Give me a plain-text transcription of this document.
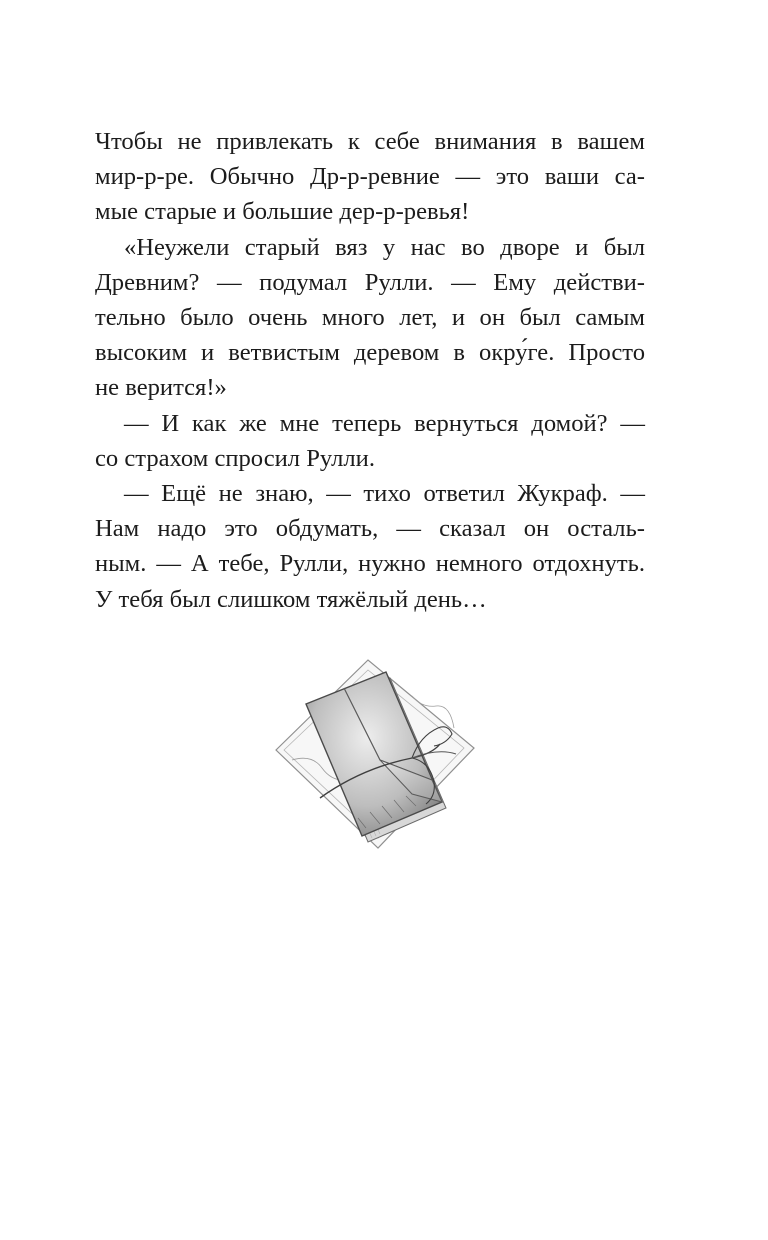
Чтобы не привлекать к себе внимания в вашем
мир-р-ре. Обычно Др-р-ревние — это ваши са-
мые старые и большие дер-р-ревья!
«Неужели старый вяз у нас во дворе и был
Древним? — подумал Рулли. — Ему действи-
тельно было очень много лет, и он был самым
высоким и ветвистым деревом в окру́ге. Просто
не верится!»
— И как же мне теперь вернуться домой? —
со страхом спросил Рулли.
— Ещё не знаю, — тихо ответил Жукраф. —
Нам надо это обдумать, — сказал он осталь-
ным. — А тебе, Рулли, нужно немного отдохнуть.
У тебя был слишком тяжёлый день…
